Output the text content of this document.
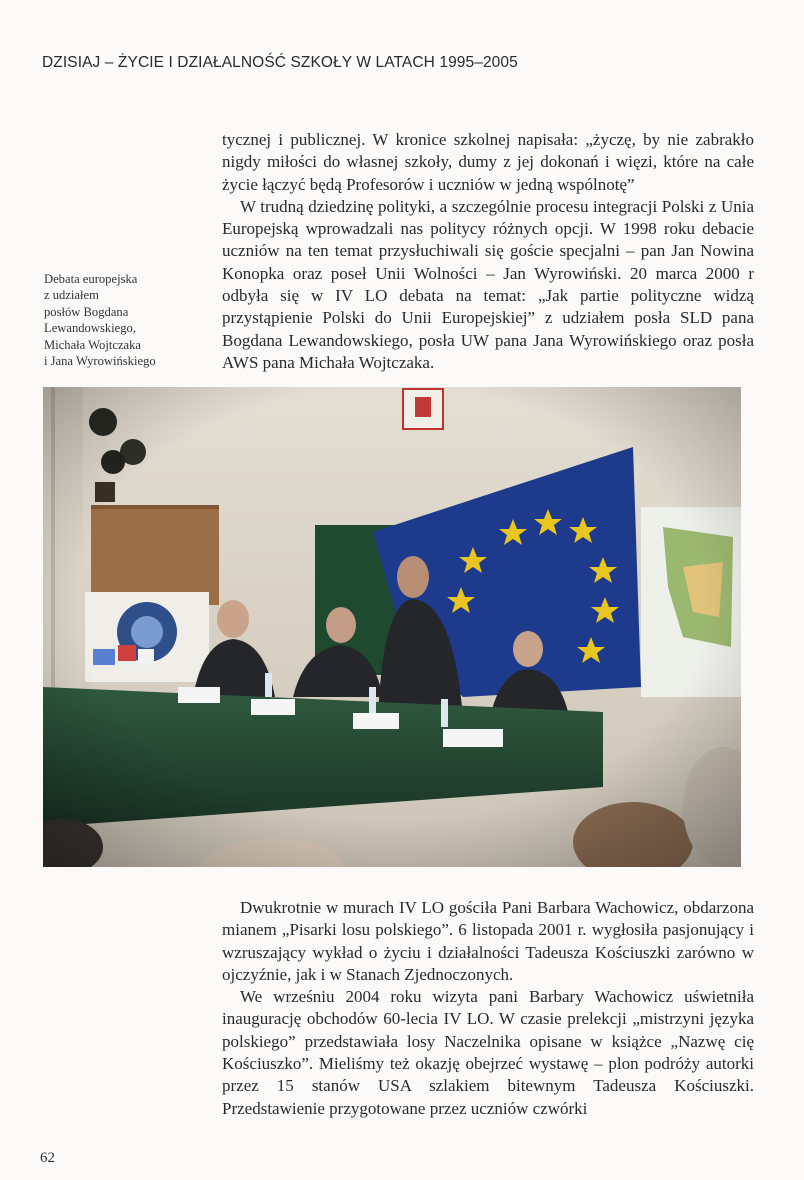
DZISIAJ – ŻYCIE I DZIAŁALNOŚĆ SZKOŁY W LATACH 1995–2005

tycznej i publicznej. W kronice szkolnej napisała: „życzę, by nie zabrakło nigdy miłości do własnej szkoły, dumy z jej dokonań i więzi, które na całe życie łączyć będą Profesorów i uczniów w jedną wspólnotę”

W trudną dziedzinę polityki, a szczególnie procesu integracji Polski z Unia Europejską wprowadzali nas politycy różnych opcji. W 1998 roku debacie uczniów na ten temat przysłuchiwali się goście specjalni – pan Jan Nowina Konopka oraz poseł Unii Wolności – Jan Wyrowiński. 20 marca 2000 r odbyła się w IV LO debata na temat: „Jak partie polityczne widzą przystąpienie Polski do Unii Europejskiej” z udziałem posła SLD pana Bogdana Lewandowskiego, posła UW pana Jana Wyrowińskiego oraz posła AWS pana Michała Wojtczaka.

Debata europejska
z udziałem
posłów Bogdana
Lewandowskiego,
Michała Wojtczaka
i Jana Wyrowińskiego

Dwukrotnie w murach IV LO gościła Pani Barbara Wachowicz, obdarzona mianem „Pisarki losu polskiego”. 6 listopada 2001 r. wygłosiła pasjonujący i wzruszający wykład o życiu i działalności Tadeusza Kościuszki zarówno w ojczyźnie, jak i w Stanach Zjednoczonych.

We wrześniu 2004 roku wizyta pani Barbary Wachowicz uświetniła inaugurację obchodów 60-lecia IV LO. W czasie prelekcji „mistrzyni języka polskiego” przedstawiała losy Naczelnika opisane w książce „Nazwę cię Kościuszko”. Mieliśmy też okazję obejrzeć wystawę – plon podróży autorki przez 15 stanów USA szlakiem bitewnym Tadeusza Kościuszki. Przedstawienie przygotowane przez uczniów czwórki

62
